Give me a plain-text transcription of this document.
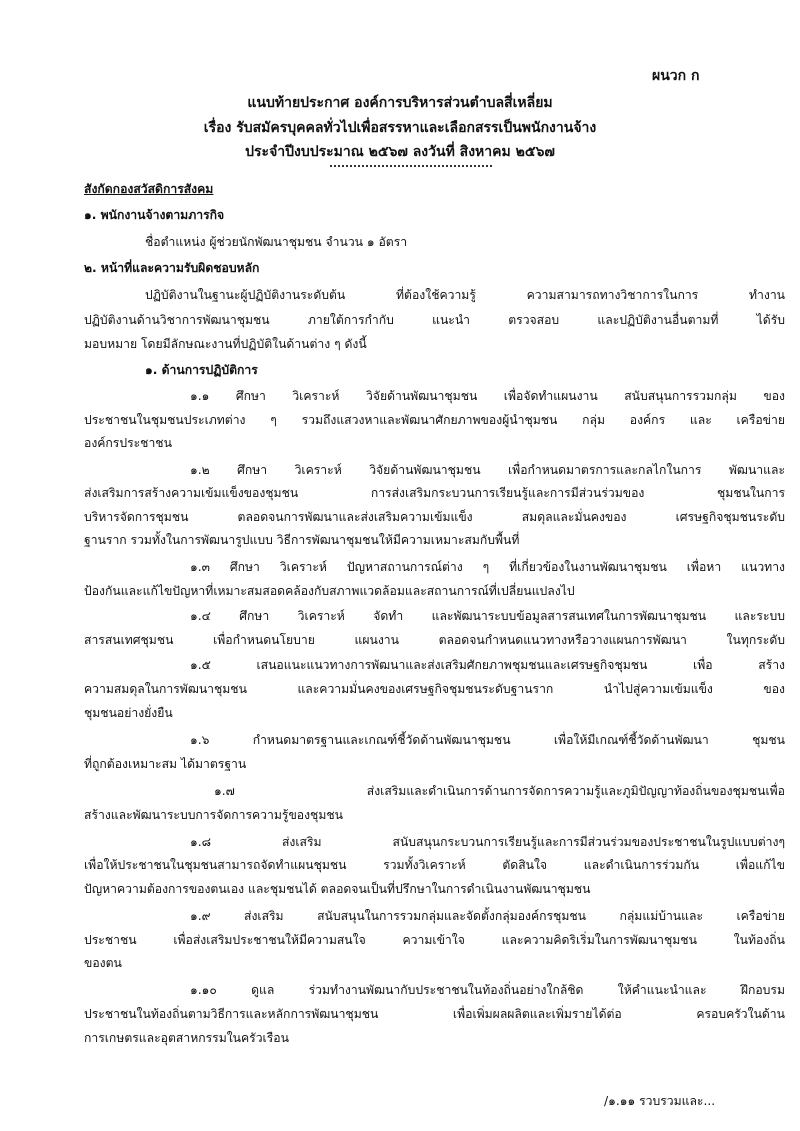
ผนวก ก
แนบท้ายประกาศ องค์การบริหารส่วนตำบลสี่เหลี่ยม
เรื่อง รับสมัครบุคคลทั่วไปเพื่อสรรหาและเลือกสรรเป็นพนักงานจ้าง
ประจำปีงบประมาณ ๒๕๖๗ ลงวันที่ สิงหาคม ๒๕๖๗
สังกัดกองสวัสดิการสังคม
๑. พนักงานจ้างตามภารกิจ
ชื่อตำแหน่ง ผู้ช่วยนักพัฒนาชุมชน จำนวน ๑ อัตรา
๒. หน้าที่และความรับผิดชอบหลัก
ปฏิบัติงานในฐานะผู้ปฏิบัติงานระดับต้น ที่ต้องใช้ความรู้ ความสามารถทางวิชาการในการ ทำงาน
ปฏิบัติงานด้านวิชาการพัฒนาชุมชน ภายใต้การกำกับ แนะนำ ตรวจสอบ และปฏิบัติงานอื่นตามที่ ได้รับ
มอบหมาย โดยมีลักษณะงานที่ปฏิบัติในด้านต่าง ๆ ดังนี้
๑. ด้านการปฏิบัติการ
๑.๑ ศึกษา วิเคราะห์ วิจัยด้านพัฒนาชุมชน เพื่อจัดทำแผนงาน สนับสนุนการรวมกลุ่ม ของ
ประชาชนในชุมชนประเภทต่าง ๆ รวมถึงแสวงหาและพัฒนาศักยภาพของผู้นำชุมชน กลุ่ม องค์กร และ เครือข่าย
องค์กรประชาชน
๑.๒ ศึกษา วิเคราะห์ วิจัยด้านพัฒนาชุมชน เพื่อกำหนดมาตรการและกลไกในการ พัฒนาและ
ส่งเสริมการสร้างความเข้มแข็งของชุมชน การส่งเสริมกระบวนการเรียนรู้และการมีส่วนร่วมของ ชุมชนในการ
บริหารจัดการชุมชน ตลอดจนการพัฒนาและส่งเสริมความเข้มแข็ง สมดุลและมั่นคงของ เศรษฐกิจชุมชนระดับ
ฐานราก รวมทั้งในการพัฒนารูปแบบ วิธีการพัฒนาชุมชนให้มีความเหมาะสมกับพื้นที่
๑.๓ ศึกษา วิเคราะห์ ปัญหาสถานการณ์ต่าง ๆ ที่เกี่ยวข้องในงานพัฒนาชุมชน เพื่อหา แนวทาง
ป้องกันและแก้ไขปัญหาที่เหมาะสมสอดคล้องกับสภาพแวดล้อมและสถานการณ์ที่เปลี่ยนแปลงไป
๑.๔ ศึกษา วิเคราะห์ จัดทำ และพัฒนาระบบข้อมูลสารสนเทศในการพัฒนาชุมชน และระบบ
สารสนเทศชุมชน เพื่อกำหนดนโยบาย แผนงาน ตลอดจนกำหนดแนวทางหรือวางแผนการพัฒนา ในทุกระดับ
๑.๕ เสนอแนะแนวทางการพัฒนาและส่งเสริมศักยภาพชุมชนและเศรษฐกิจชุมชน เพื่อ สร้าง
ความสมดุลในการพัฒนาชุมชน และความมั่นคงของเศรษฐกิจชุมชนระดับฐานราก นำไปสู่ความเข้มแข็ง ของ
ชุมชนอย่างยั่งยืน
๑.๖ กำหนดมาตรฐานและเกณฑ์ชี้วัดด้านพัฒนาชุมชน เพื่อให้มีเกณฑ์ชี้วัดด้านพัฒนา ชุมชน
ที่ถูกต้องเหมาะสม ได้มาตรฐาน
๑.๗ ส่งเสริมและดำเนินการด้านการจัดการความรู้และภูมิปัญญาท้องถิ่นของชุมชนเพื่อ
สร้างและพัฒนาระบบการจัดการความรู้ของชุมชน
๑.๘ ส่งเสริม สนับสนุนกระบวนการเรียนรู้และการมีส่วนร่วมของประชาชนในรูปแบบต่างๆ
เพื่อให้ประชาชนในชุมชนสามารถจัดทำแผนชุมชน รวมทั้งวิเคราะห์ ตัดสินใจ และดำเนินการร่วมกัน เพื่อแก้ไข
ปัญหาความต้องการของตนเอง และชุมชนได้ ตลอดจนเป็นที่ปรึกษาในการดำเนินงานพัฒนาชุมชน
๑.๙ ส่งเสริม สนับสนุนในการรวมกลุ่มและจัดตั้งกลุ่มองค์กรชุมชน กลุ่มแม่บ้านและ เครือข่าย
ประชาชน เพื่อส่งเสริมประชาชนให้มีความสนใจ ความเข้าใจ และความคิดริเริ่มในการพัฒนาชุมชน ในท้องถิ่น
ของตน
๑.๑๐ ดูแล ร่วมทำงานพัฒนากับประชาชนในท้องถิ่นอย่างใกล้ชิด ให้คำแนะนำและ ฝึกอบรม
ประชาชนในท้องถิ่นตามวิธีการและหลักการพัฒนาชุมชน เพื่อเพิ่มผลผลิตและเพิ่มรายได้ต่อ ครอบครัวในด้าน
การเกษตรและอุตสาหกรรมในครัวเรือน
/๑.๑๑ รวบรวมและ...
